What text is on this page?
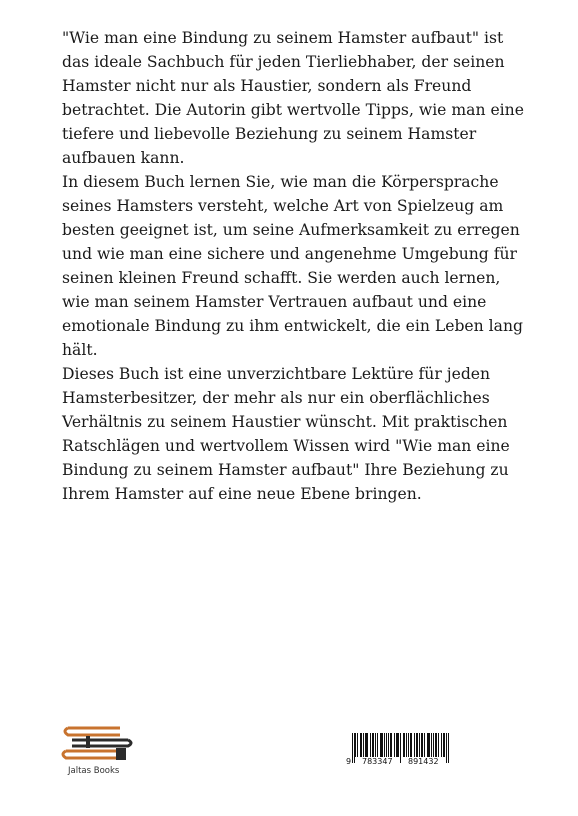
"Wie man eine Bindung zu seinem Hamster aufbaut" ist das ideale Sachbuch für jeden Tierliebhaber, der seinen Hamster nicht nur als Haustier, sondern als Freund betrachtet. Die Autorin gibt wertvolle Tipps, wie man eine tiefere und liebevolle Beziehung zu seinem Hamster aufbauen kann.

In diesem Buch lernen Sie, wie man die Körpersprache seines Hamsters versteht, welche Art von Spielzeug am besten geeignet ist, um seine Aufmerksamkeit zu erregen und wie man eine sichere und angenehme Umgebung für seinen kleinen Freund schafft. Sie werden auch lernen, wie man seinem Hamster Vertrauen aufbaut und eine emotionale Bindung zu ihm entwickelt, die ein Leben lang hält.

Dieses Buch ist eine unverzichtbare Lektüre für jeden Hamsterbesitzer, der mehr als nur ein oberflächliches Verhältnis zu seinem Haustier wünscht. Mit praktischen Ratschlägen und wertvollem Wissen wird "Wie man eine Bindung zu seinem Hamster aufbaut" Ihre Beziehung zu Ihrem Hamster auf eine neue Ebene bringen.

Jaltas Books
9 783347 891432
